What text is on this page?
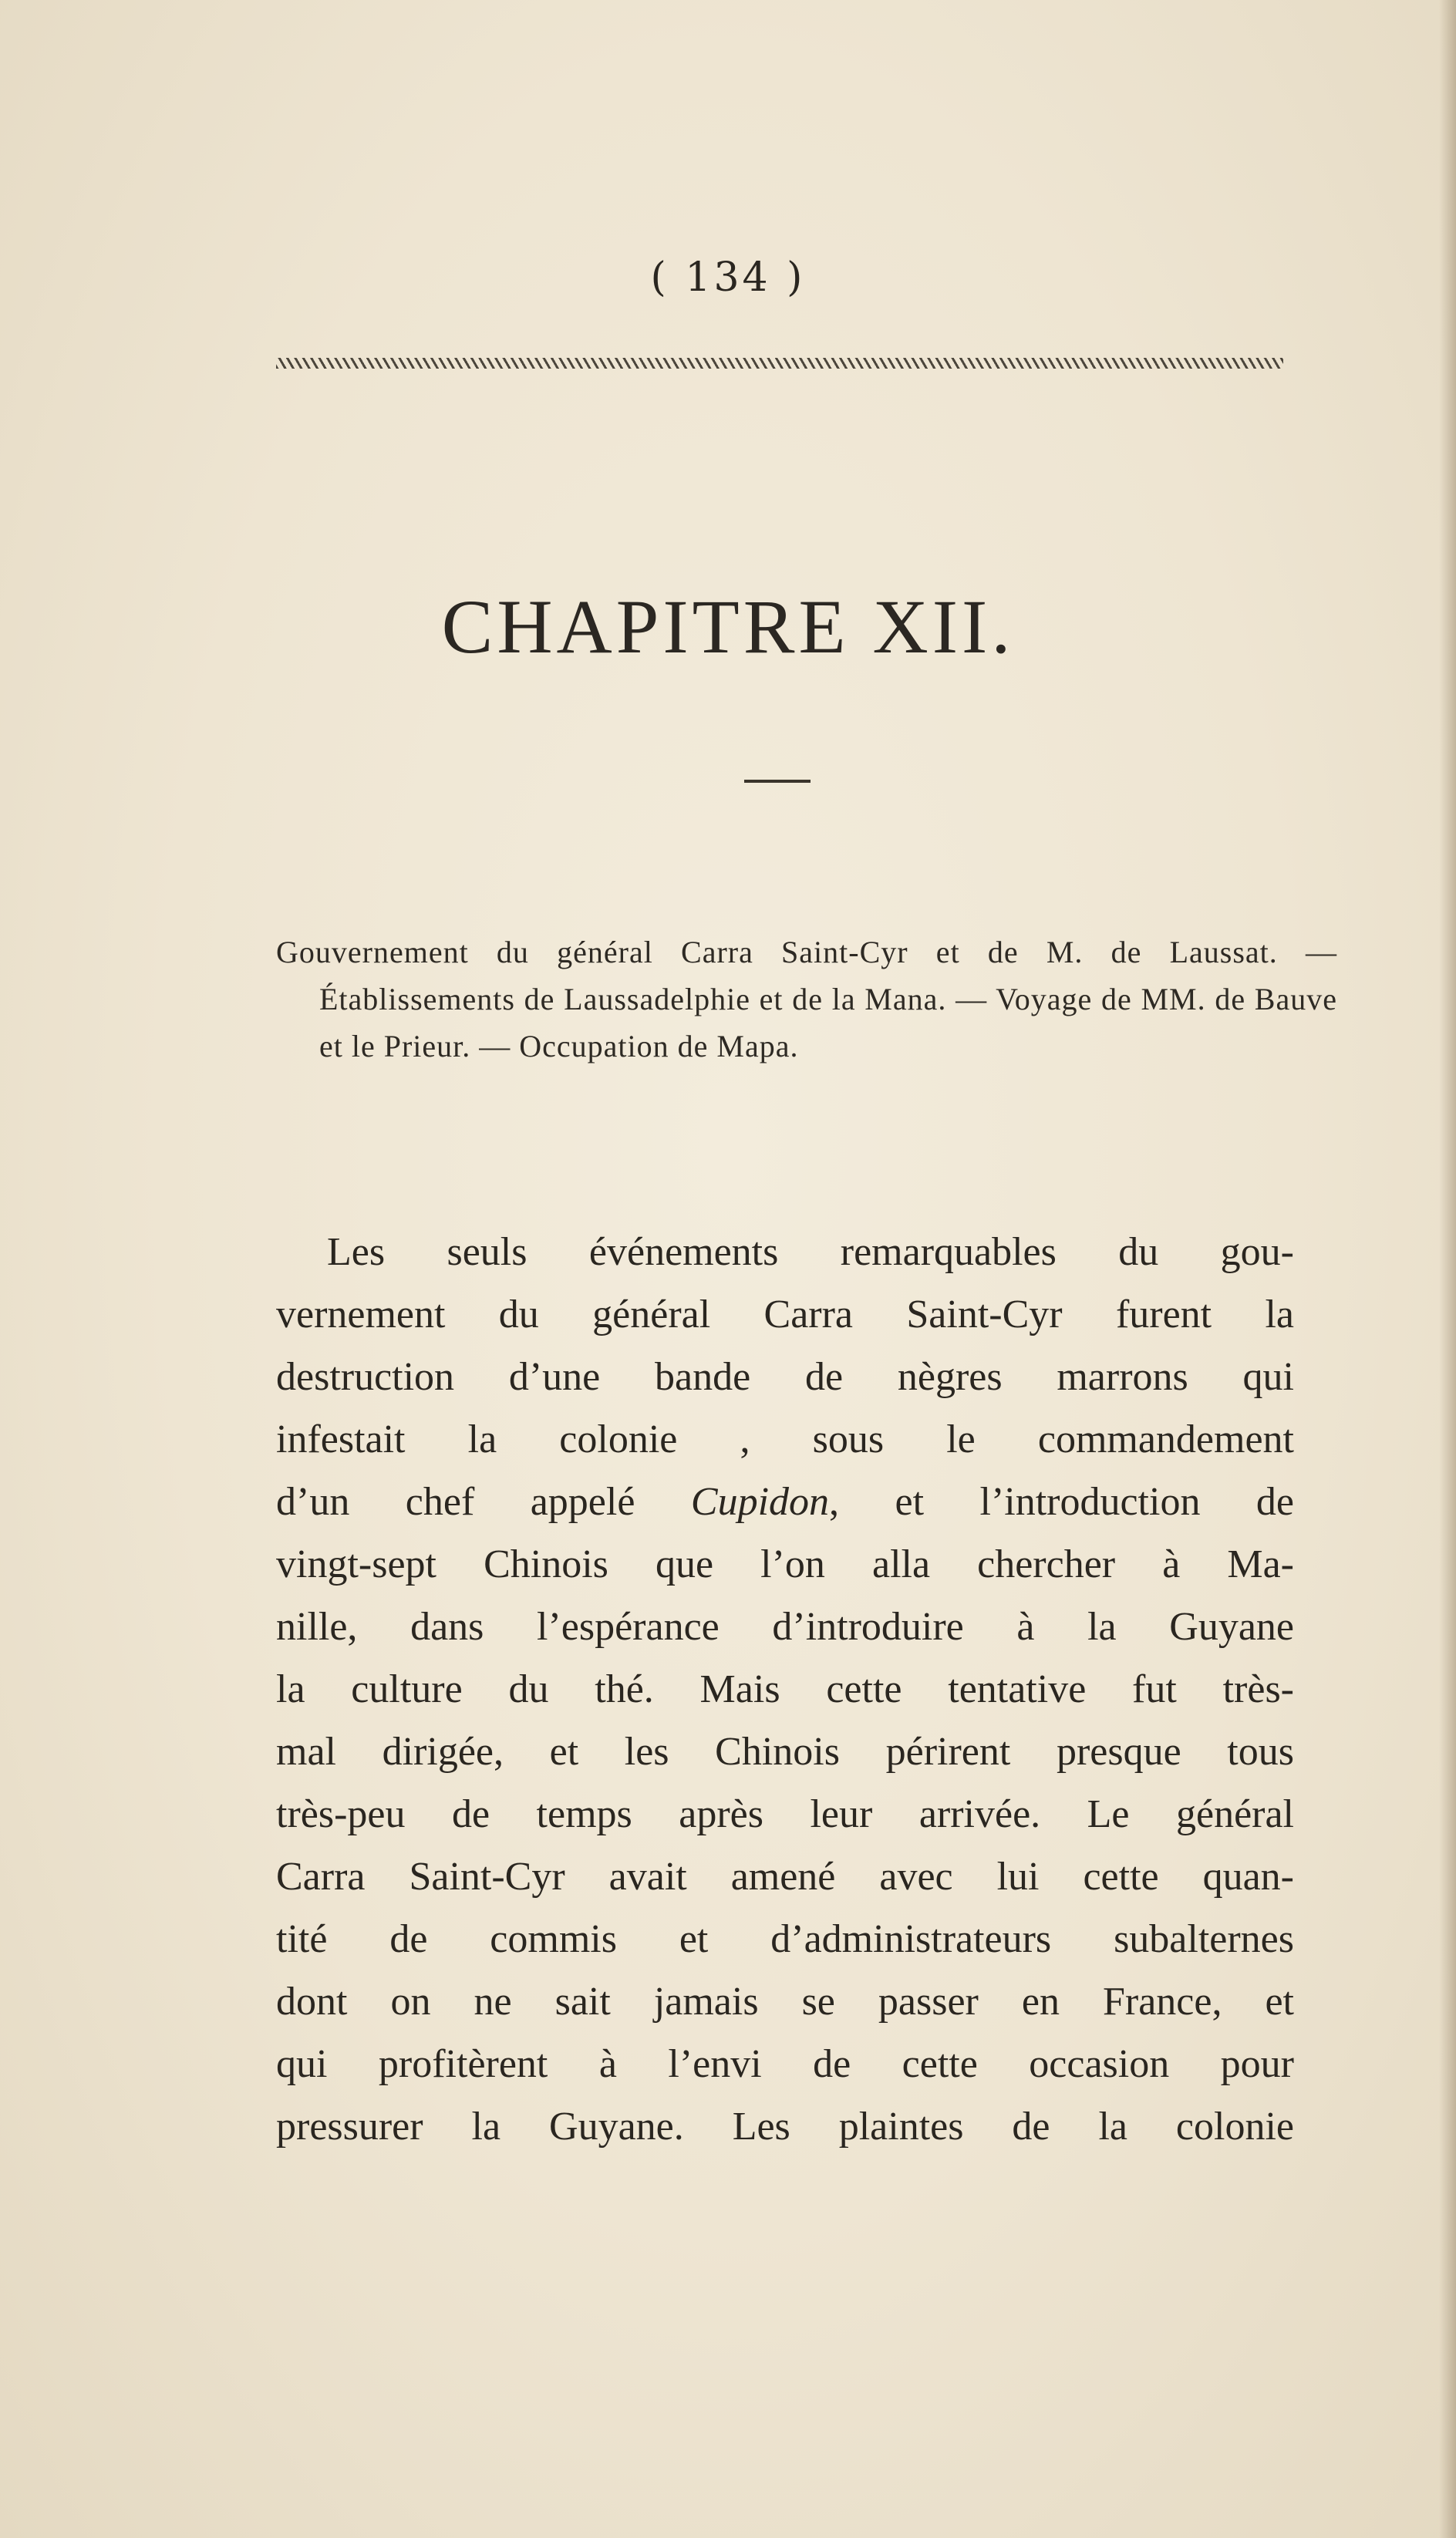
( 134 )
CHAPITRE XII.
Gouvernement du général Carra Saint-Cyr et de M. de Laussat. — Établissements de Laussadelphie et de la Mana. — Voyage de MM. de Bauve et le Prieur. — Occupation de Mapa.
Les seuls événements remarquables du gou-
vernement du général Carra Saint-Cyr furent la
destruction d’une bande de nègres marrons qui
infestait la colonie , sous le commandement
d’un chef appelé Cupidon, et l’introduction de
vingt-sept Chinois que l’on alla chercher à Ma-
nille, dans l’espérance d’introduire à la Guyane
la culture du thé. Mais cette tentative fut très-
mal dirigée, et les Chinois périrent presque tous
très-peu de temps après leur arrivée. Le général
Carra Saint-Cyr avait amené avec lui cette quan-
tité de commis et d’administrateurs subalternes
dont on ne sait jamais se passer en France, et
qui profitèrent à l’envi de cette occasion pour
pressurer la Guyane. Les plaintes de la colonie
